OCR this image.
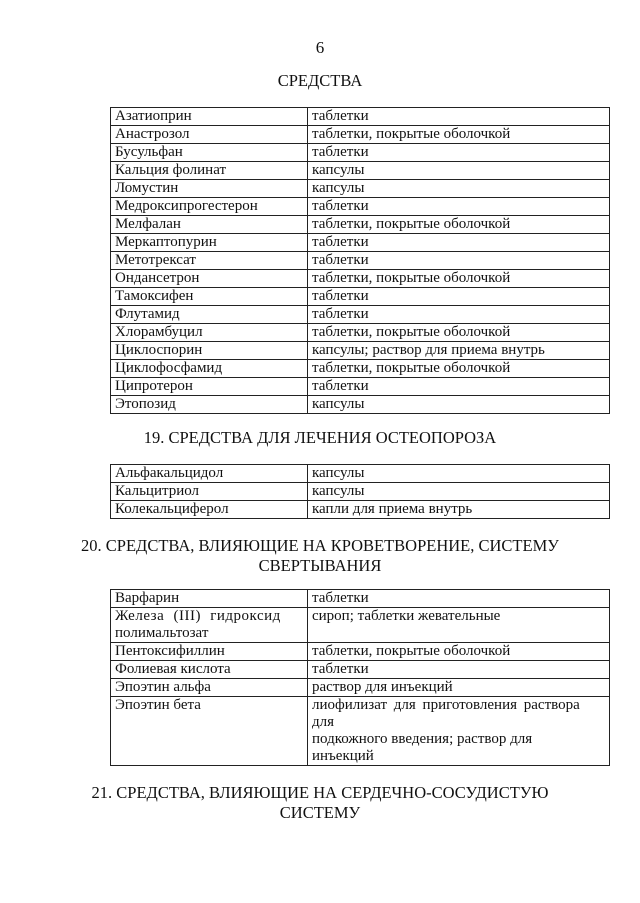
6
СРЕДСТВА
Азатиоприн	таблетки
Анастрозол	таблетки, покрытые оболочкой
Бусульфан	таблетки
Кальция фолинат	капсулы
Ломустин	капсулы
Медроксипрогестерон	таблетки
Мелфалан	таблетки, покрытые оболочкой
Меркаптопурин	таблетки
Метотрексат	таблетки
Ондансетрон	таблетки, покрытые оболочкой
Тамоксифен	таблетки
Флутамид	таблетки
Хлорамбуцил	таблетки, покрытые оболочкой
Циклоспорин	капсулы; раствор для приема внутрь
Циклофосфамид	таблетки, покрытые оболочкой
Ципротерон	таблетки
Этопозид	капсулы
19. СРЕДСТВА ДЛЯ ЛЕЧЕНИЯ ОСТЕОПОРОЗА
Альфакальцидол	капсулы
Кальцитриол	капсулы
Колекальциферол	капли для приема внутрь
20. СРЕДСТВА, ВЛИЯЮЩИЕ НА КРОВЕТВОРЕНИЕ, СИСТЕМУ
СВЕРТЫВАНИЯ
Варфарин	таблетки

Железа (III) гидроксид
полимальтозат	сироп; таблетки жевательные
Пентоксифиллин	таблетки, покрытые оболочкой
Фолиевая кислота	таблетки
Эпоэтин альфа	раствор для инъекций
Эпоэтин бета	лиофилизат для приготовления раствора
для
подкожного введения; раствор для
инъекций
21. СРЕДСТВА, ВЛИЯЮЩИЕ НА СЕРДЕЧНО-СОСУДИСТУЮ
СИСТЕМУ
